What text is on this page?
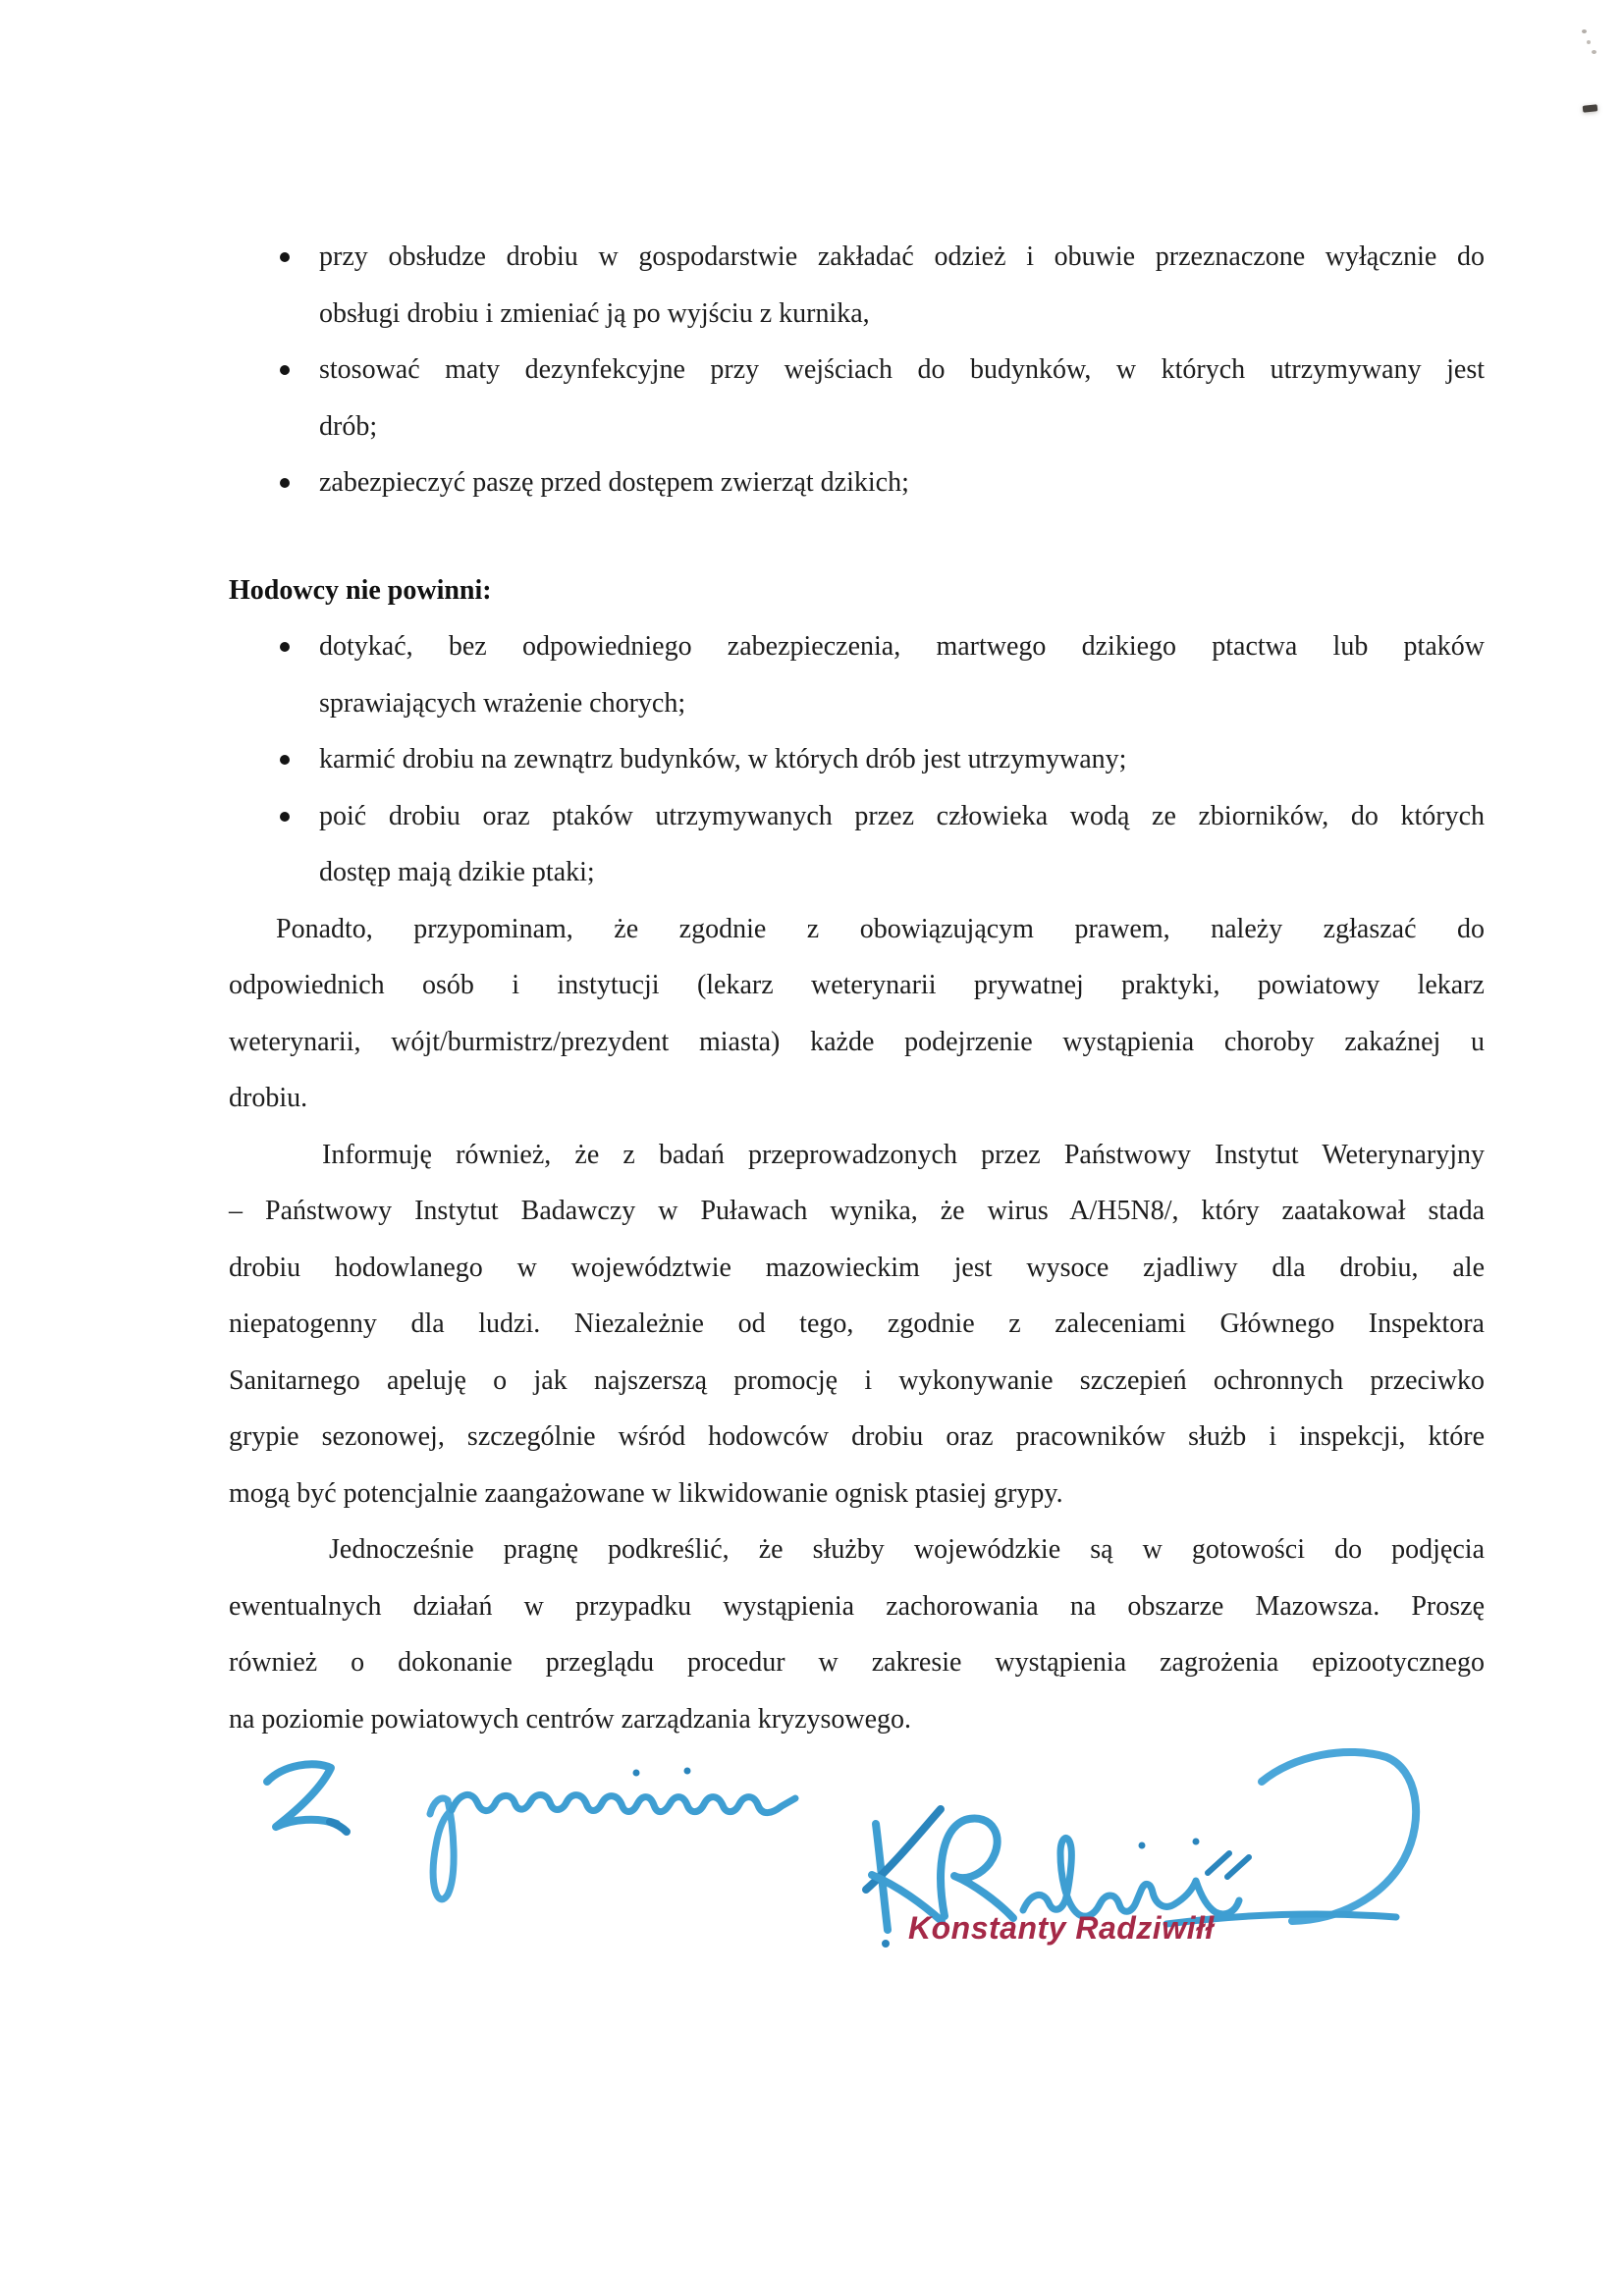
przy obsłudze drobiu w gospodarstwie zakładać odzież i obuwie przeznaczone wyłącznie do
obsługi drobiu i zmieniać ją po wyjściu z kurnika,
stosować maty dezynfekcyjne przy wejściach do budynków, w których utrzymywany jest
drób;
zabezpieczyć paszę przed dostępem zwierząt dzikich;
Hodowcy nie powinni:
dotykać, bez odpowiedniego zabezpieczenia, martwego dzikiego ptactwa lub ptaków
sprawiających wrażenie chorych;
karmić drobiu na zewnątrz budynków, w których drób jest utrzymywany;
poić drobiu oraz ptaków utrzymywanych przez człowieka wodą ze zbiorników, do których
dostęp mają dzikie ptaki;
Ponadto, przypominam, że zgodnie z obowiązującym prawem, należy zgłaszać do
odpowiednich osób i instytucji (lekarz weterynarii prywatnej praktyki, powiatowy lekarz
weterynarii, wójt/burmistrz/prezydent miasta) każde podejrzenie wystąpienia choroby zakaźnej u
drobiu.
Informuję również, że z badań przeprowadzonych przez Państwowy Instytut Weterynaryjny
– Państwowy Instytut Badawczy w Puławach wynika, że wirus A/H5N8/, który zaatakował stada
drobiu hodowlanego w województwie mazowieckim jest wysoce zjadliwy dla drobiu, ale
niepatogenny dla ludzi. Niezależnie od tego, zgodnie z zaleceniami Głównego Inspektora
Sanitarnego apeluję o jak najszerszą promocję i wykonywanie szczepień ochronnych przeciwko
grypie sezonowej, szczególnie wśród hodowców drobiu oraz pracowników służb i inspekcji, które
mogą być potencjalnie zaangażowane w likwidowanie ognisk ptasiej grypy.
Jednocześnie pragnę podkreślić, że służby wojewódzkie są w gotowości do podjęcia
ewentualnych działań w przypadku wystąpienia zachorowania na obszarze Mazowsza. Proszę
również o dokonanie przeglądu procedur w zakresie wystąpienia zagrożenia epizootycznego
na poziomie powiatowych centrów zarządzania kryzysowego.
Konstanty Radziwiłł
